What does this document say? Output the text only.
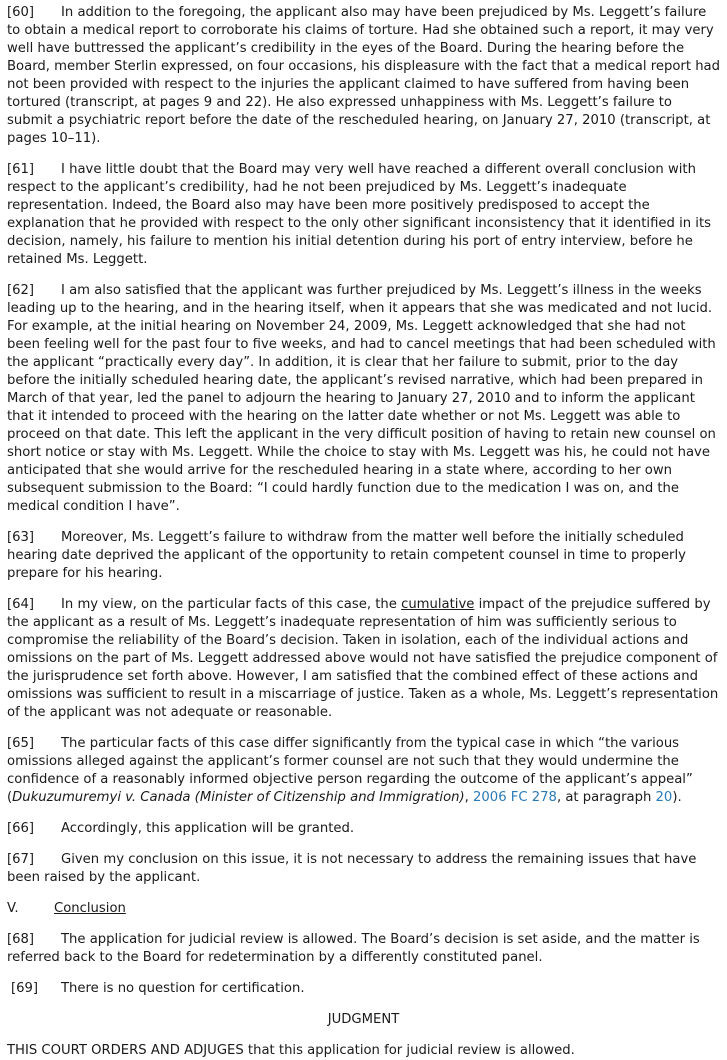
[60] In addition to the foregoing, the applicant also may have been prejudiced by Ms. Leggett’s failure to obtain a medical report to corroborate his claims of torture. Had she obtained such a report, it may very well have buttressed the applicant’s credibility in the eyes of the Board. During the hearing before the Board, member Sterlin expressed, on four occasions, his displeasure with the fact that a medical report had not been provided with respect to the injuries the applicant claimed to have suffered from having been tortured (transcript, at pages 9 and 22). He also expressed unhappiness with Ms. Leggett’s failure to submit a psychiatric report before the date of the rescheduled hearing, on January 27, 2010 (transcript, at pages 10–11).

[61] I have little doubt that the Board may very well have reached a different overall conclusion with respect to the applicant’s credibility, had he not been prejudiced by Ms. Leggett’s inadequate representation. Indeed, the Board also may have been more positively predisposed to accept the explanation that he provided with respect to the only other significant inconsistency that it identified in its decision, namely, his failure to mention his initial detention during his port of entry interview, before he retained Ms. Leggett.

[62] I am also satisfied that the applicant was further prejudiced by Ms. Leggett’s illness in the weeks leading up to the hearing, and in the hearing itself, when it appears that she was medicated and not lucid. For example, at the initial hearing on November 24, 2009, Ms. Leggett acknowledged that she had not been feeling well for the past four to five weeks, and had to cancel meetings that had been scheduled with the applicant “practically every day”. In addition, it is clear that her failure to submit, prior to the day before the initially scheduled hearing date, the applicant’s revised narrative, which had been prepared in March of that year, led the panel to adjourn the hearing to January 27, 2010 and to inform the applicant that it intended to proceed with the hearing on the latter date whether or not Ms. Leggett was able to proceed on that date. This left the applicant in the very difficult position of having to retain new counsel on short notice or stay with Ms. Leggett. While the choice to stay with Ms. Leggett was his, he could not have anticipated that she would arrive for the rescheduled hearing in a state where, according to her own subsequent submission to the Board: “I could hardly function due to the medication I was on, and the medical condition I have”.

[63] Moreover, Ms. Leggett’s failure to withdraw from the matter well before the initially scheduled hearing date deprived the applicant of the opportunity to retain competent counsel in time to properly prepare for his hearing.

[64] In my view, on the particular facts of this case, the cumulative impact of the prejudice suffered by the applicant as a result of Ms. Leggett’s inadequate representation of him was sufficiently serious to compromise the reliability of the Board’s decision. Taken in isolation, each of the individual actions and omissions on the part of Ms. Leggett addressed above would not have satisfied the prejudice component of the jurisprudence set forth above. However, I am satisfied that the combined effect of these actions and omissions was sufficient to result in a miscarriage of justice. Taken as a whole, Ms. Leggett’s representation of the applicant was not adequate or reasonable.

[65] The particular facts of this case differ significantly from the typical case in which “the various omissions alleged against the applicant’s former counsel are not such that they would undermine the confidence of a reasonably informed objective person regarding the outcome of the applicant’s appeal” (Dukuzumuremyi v. Canada (Minister of Citizenship and Immigration), 2006 FC 278, at paragraph 20).

[66] Accordingly, this application will be granted.

[67] Given my conclusion on this issue, it is not necessary to address the remaining issues that have been raised by the applicant.

V.	Conclusion

[68] The application for judicial review is allowed. The Board’s decision is set aside, and the matter is referred back to the Board for redetermination by a differently constituted panel.

[69] There is no question for certification.

JUDGMENT

THIS COURT ORDERS AND ADJUGES that this application for judicial review is allowed.
